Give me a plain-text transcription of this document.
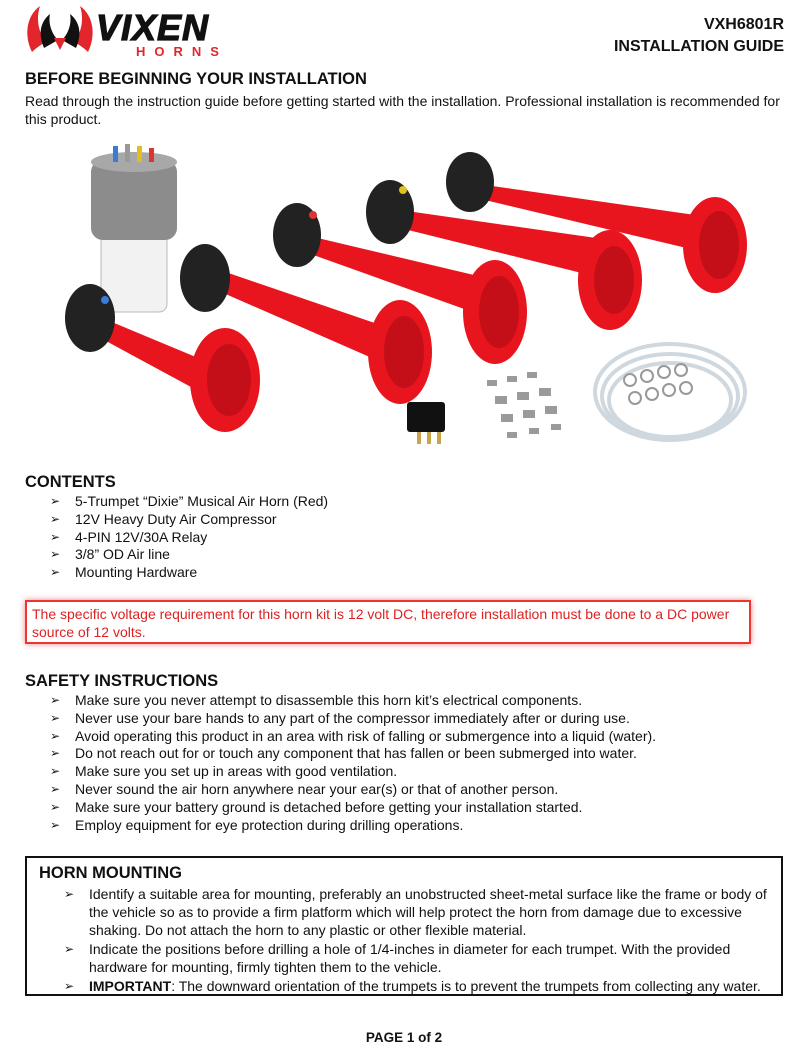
VIXEN
HORNS
VXH6801R
INSTALLATION GUIDE
BEFORE BEGINNING YOUR INSTALLATION
Read through the instruction guide before getting started with the installation. Professional installation is recommended for this product.
CONTENTS
➢ 5-Trumpet “Dixie” Musical Air Horn (Red)
➢ 12V Heavy Duty Air Compressor
➢ 4-PIN 12V/30A Relay
➢ 3/8” OD Air line
➢ Mounting Hardware
The specific voltage requirement for this horn kit is 12 volt DC, therefore installation must be done to a DC power source of 12 volts.
SAFETY INSTRUCTIONS
➢ Make sure you never attempt to disassemble this horn kit’s electrical components.
➢ Never use your bare hands to any part of the compressor immediately after or during use.
➢ Avoid operating this product in an area with risk of falling or submergence into a liquid (water).
➢ Do not reach out for or touch any component that has fallen or been submerged into water.
➢ Make sure you set up in areas with good ventilation.
➢ Never sound the air horn anywhere near your ear(s) or that of another person.
➢ Make sure your battery ground is detached before getting your installation started.
➢ Employ equipment for eye protection during drilling operations.
HORN MOUNTING
➢ Identify a suitable area for mounting, preferably an unobstructed sheet-metal surface like the frame or body of the vehicle so as to provide a firm platform which will help protect the horn from damage due to excessive shaking. Do not attach the horn to any plastic or other flexible material.
➢ Indicate the positions before drilling a hole of 1/4-inches in diameter for each trumpet. With the provided hardware for mounting, firmly tighten them to the vehicle.
➢ IMPORTANT: The downward orientation of the trumpets is to prevent the trumpets from collecting any water.
PAGE 1 of 2
